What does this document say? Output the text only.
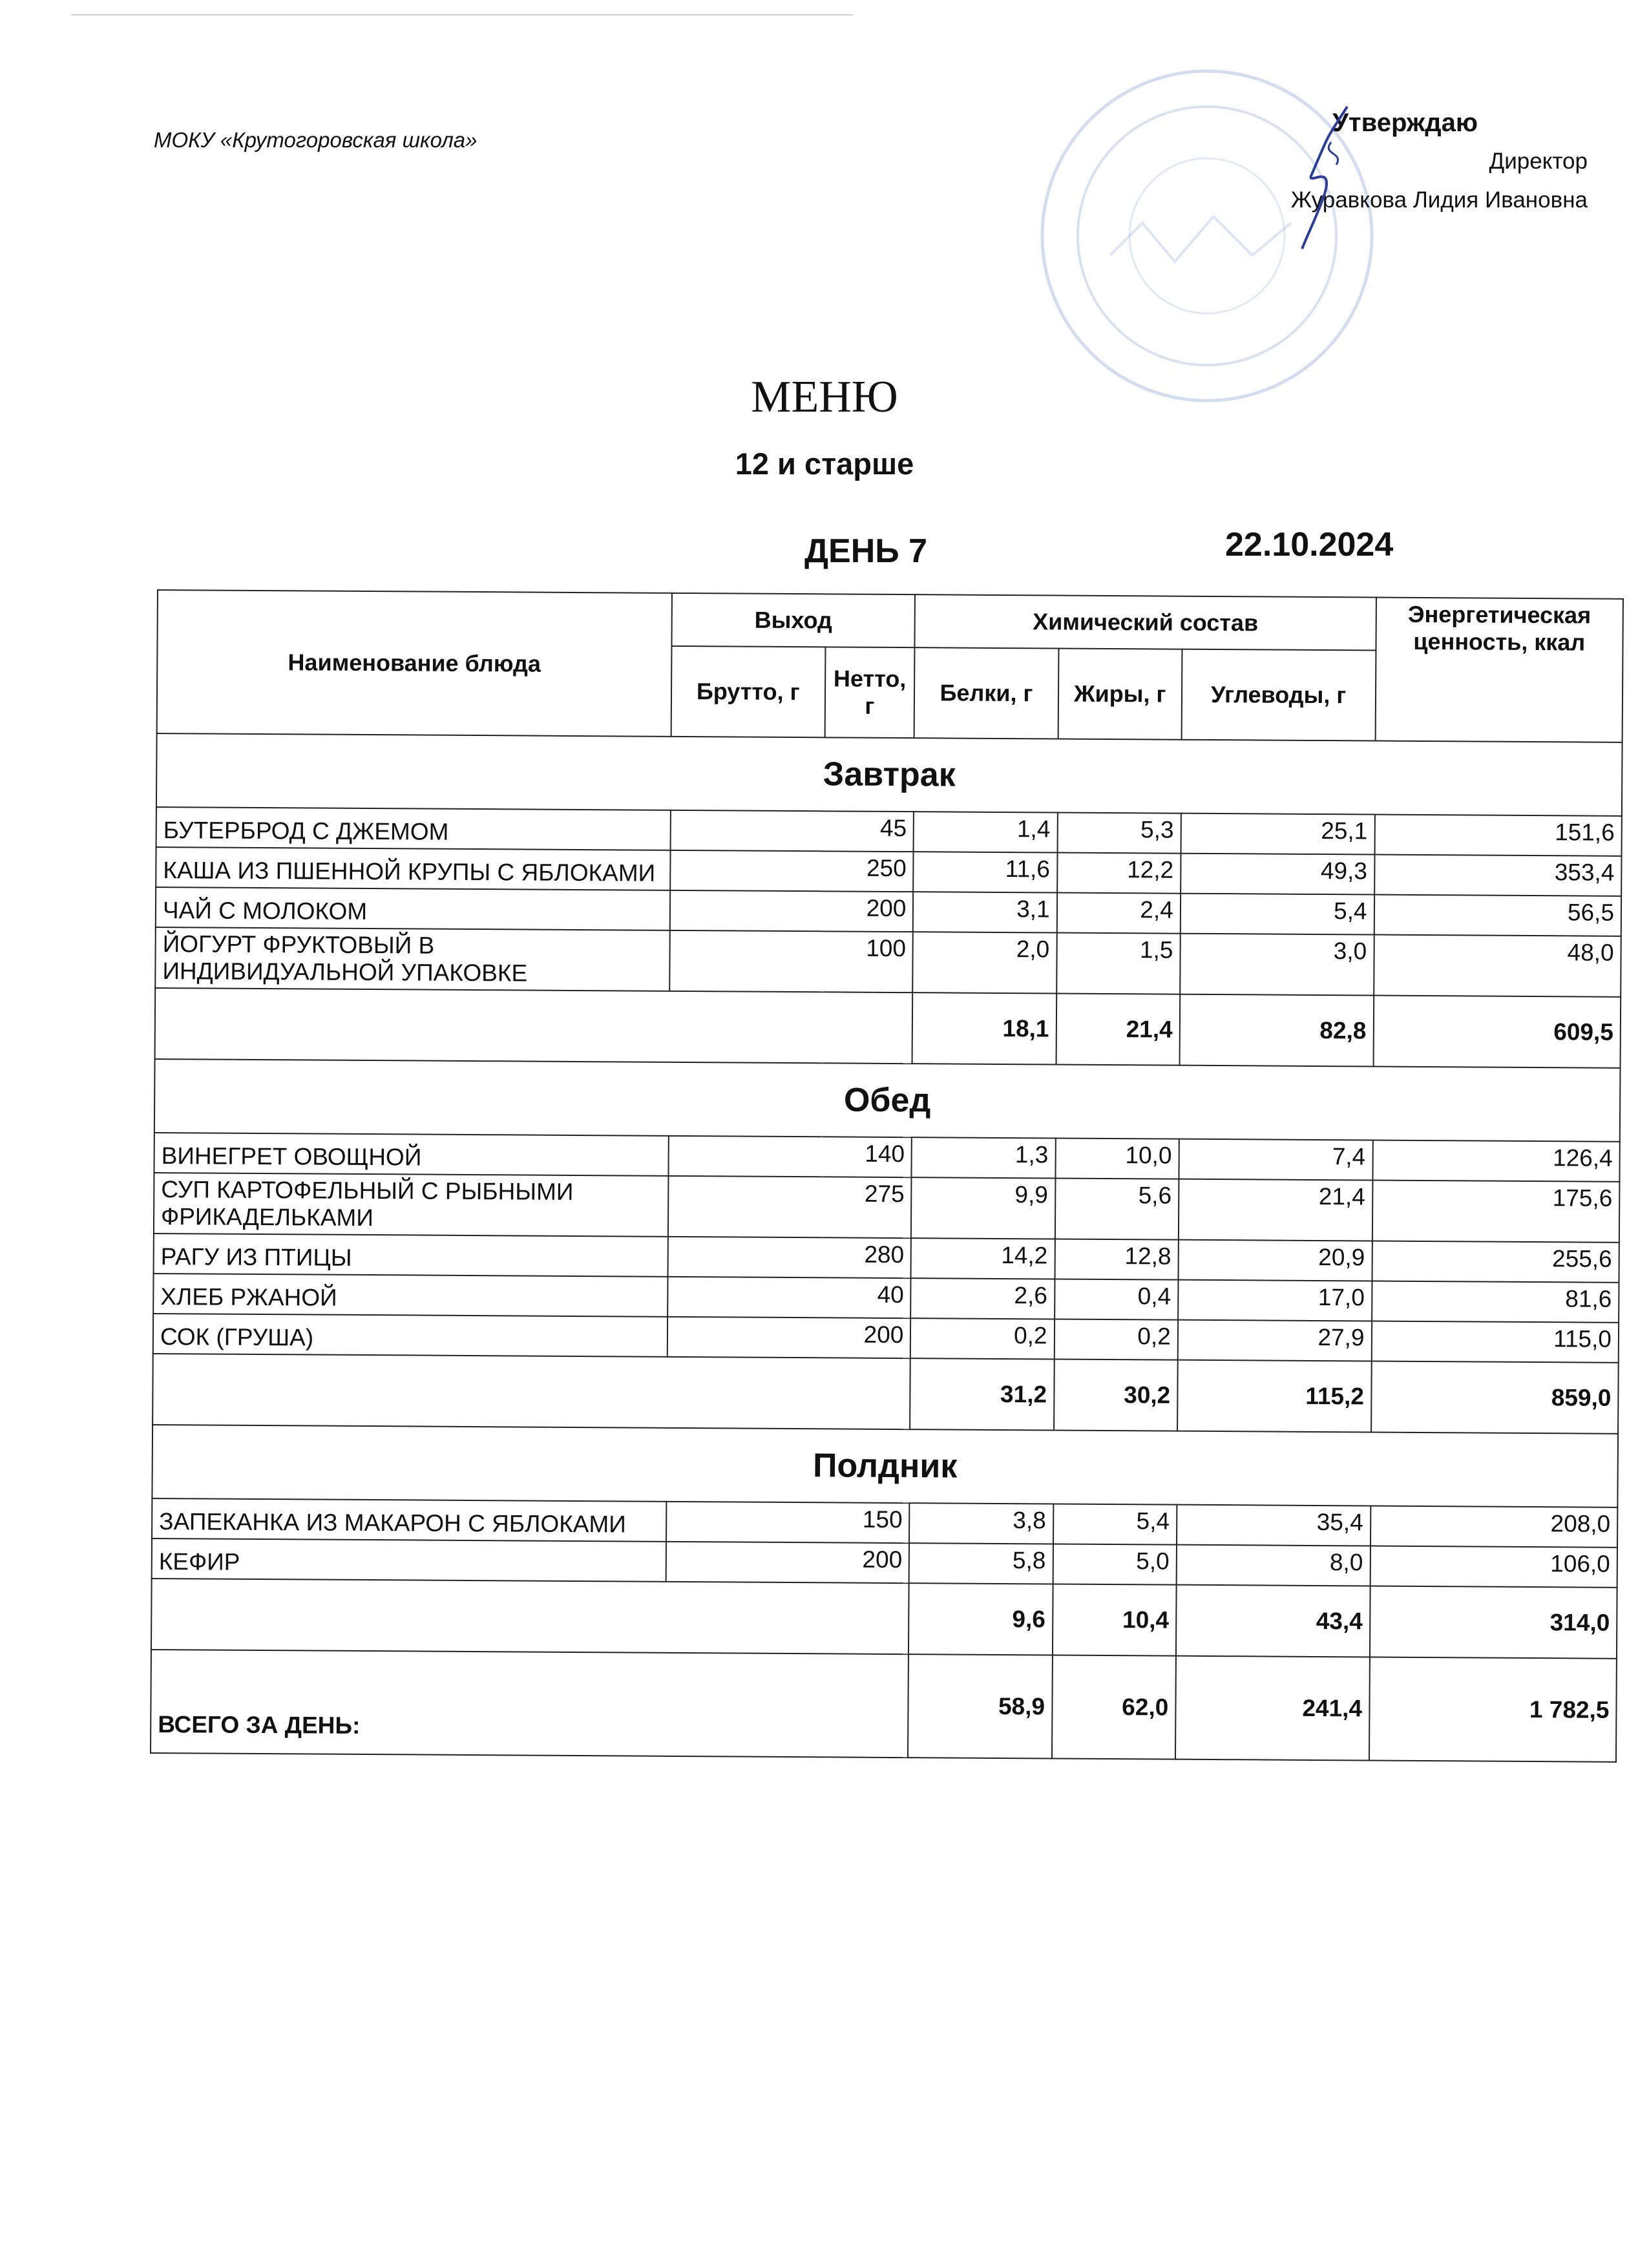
МОКУ «Крутогоровская школа»
Утверждаю
Директор
Журавкова Лидия Ивановна
МЕНЮ
12 и старше
ДЕНЬ 7	22.10.2024
Наименование блюда	Выход		Химический состав			Энергетическая ценность, ккал
	Брутто, г	Нетто, г	Белки, г	Жиры, г	Углеводы, г	
Завтрак						
БУТЕРБРОД С ДЖЕМОМ	45		1,4	5,3	25,1	151,6
КАША ИЗ ПШЕННОЙ КРУПЫ С ЯБЛОКАМИ	250		11,6	12,2	49,3	353,4
ЧАЙ С МОЛОКОМ	200		3,1	2,4	5,4	56,5
ЙОГУРТ ФРУКТОВЫЙ В ИНДИВИДУАЛЬНОЙ УПАКОВКЕ	100		2,0	1,5	3,0	48,0
			18,1	21,4	82,8	609,5
Обед						
ВИНЕГРЕТ ОВОЩНОЙ	140		1,3	10,0	7,4	126,4
СУП КАРТОФЕЛЬНЫЙ С РЫБНЫМИ ФРИКАДЕЛЬКАМИ	275		9,9	5,6	21,4	175,6
РАГУ ИЗ ПТИЦЫ	280		14,2	12,8	20,9	255,6
ХЛЕБ РЖАНОЙ	40		2,6	0,4	17,0	81,6
СОК (ГРУША)	200		0,2	0,2	27,9	115,0
			31,2	30,2	115,2	859,0
Полдник						
ЗАПЕКАНКА ИЗ МАКАРОН С ЯБЛОКАМИ	150		3,8	5,4	35,4	208,0
КЕФИР	200		5,8	5,0	8,0	106,0
			9,6	10,4	43,4	314,0
ВСЕГО ЗА ДЕНЬ:			58,9	62,0	241,4	1 782,5
